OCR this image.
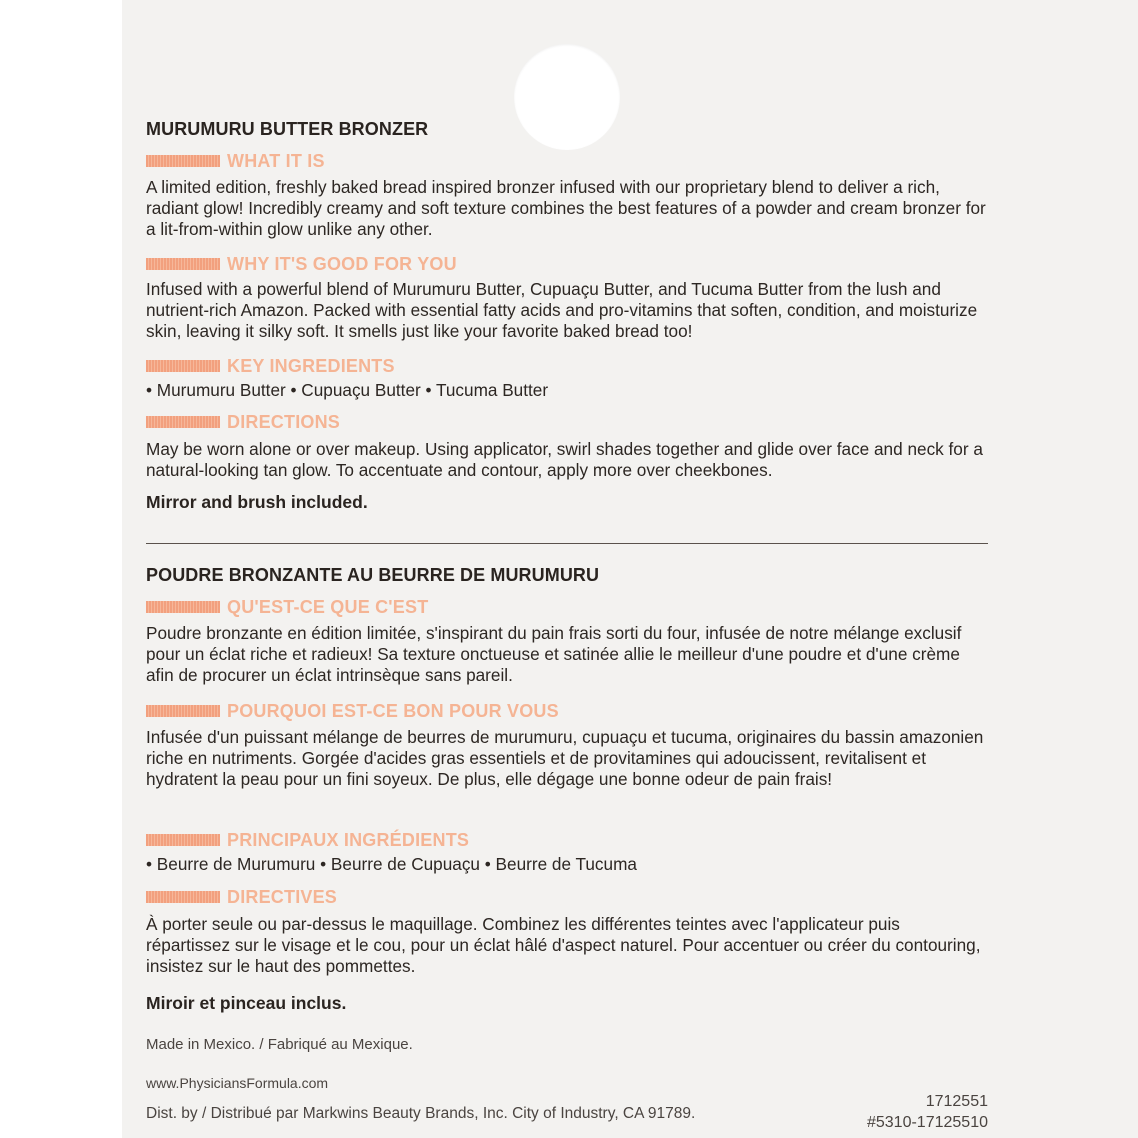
MURUMURU BUTTER BRONZER
WHAT IT IS
A limited edition, freshly baked bread inspired bronzer infused with our proprietary blend to deliver a rich, radiant glow! Incredibly creamy and soft texture combines the best features of a powder and cream bronzer for a lit-from-within glow unlike any other.
WHY IT'S GOOD FOR YOU
Infused with a powerful blend of Murumuru Butter, Cupuaçu Butter, and Tucuma Butter from the lush and nutrient-rich Amazon. Packed with essential fatty acids and pro-vitamins that soften, condition, and moisturize skin, leaving it silky soft. It smells just like your favorite baked bread too!
KEY INGREDIENTS
• Murumuru Butter • Cupuaçu Butter • Tucuma Butter
DIRECTIONS
May be worn alone or over makeup. Using applicator, swirl shades together and glide over face and neck for a natural-looking tan glow. To accentuate and contour, apply more over cheekbones.
Mirror and brush included.
POUDRE BRONZANTE AU BEURRE DE MURUMURU
QU'EST-CE QUE C'EST
Poudre bronzante en édition limitée, s'inspirant du pain frais sorti du four, infusée de notre mélange exclusif pour un éclat riche et radieux! Sa texture onctueuse et satinée allie le meilleur d'une poudre et d'une crème afin de procurer un éclat intrinsèque sans pareil.
POURQUOI EST-CE BON POUR VOUS
Infusée d'un puissant mélange de beurres de murumuru, cupuaçu et tucuma, originaires du bassin amazonien riche en nutriments. Gorgée d'acides gras essentiels et de provitamines qui adoucissent, revitalisent et hydratent la peau pour un fini soyeux. De plus, elle dégage une bonne odeur de pain frais!
PRINCIPAUX INGRÉDIENTS
• Beurre de Murumuru • Beurre de Cupuaçu • Beurre de Tucuma
DIRECTIVES
À porter seule ou par-dessus le maquillage. Combinez les différentes teintes avec l'applicateur puis répartissez sur le visage et le cou, pour un éclat hâlé d'aspect naturel. Pour accentuer ou créer du contouring, insistez sur le haut des pommettes.
Miroir et pinceau inclus.
Made in Mexico. / Fabriqué au Mexique.
www.PhysiciansFormula.com
Dist. by / Distribué par Markwins Beauty Brands, Inc. City of Industry, CA 91789.
1712551
#5310-17125510
